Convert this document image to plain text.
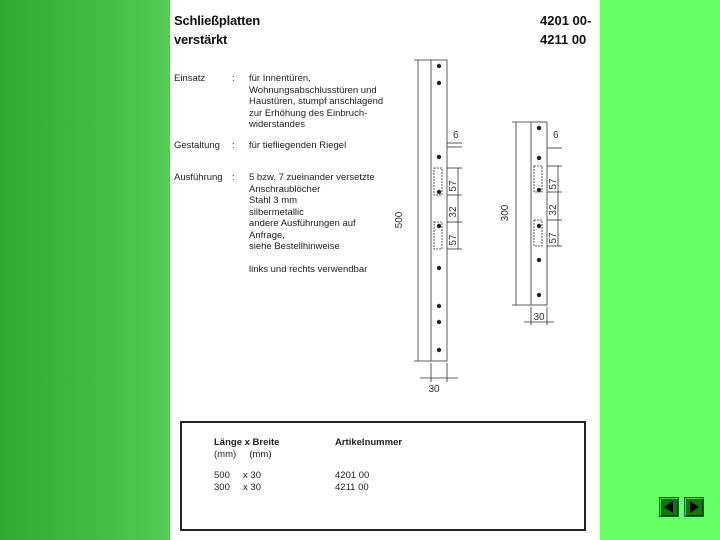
Schließplatten
verstärkt
4201 00-
4211 00
Einsatz	: für Innentüren,
Wohnungsabschlusstüren und
Haustüren, stumpf anschlagend
zur Erhöhung des Einbruch-
widerstandes
Gestaltung	: für tiefliegenden Riegel
Ausführung : 5 bzw. 7 zueinander versetzte
Anschraublöcher
Stahl 3 mm
silbermetallic
andere Ausführungen auf
Anfrage,
siehe Bestellhinweise
links und rechts verwendbar
500
30
6
57
32
57
300
30
6
57
32
57
Länge x Breite
(mm)     (mm)
500     x 30
300     x 30
Artikelnummer
4201 00
4211 00
